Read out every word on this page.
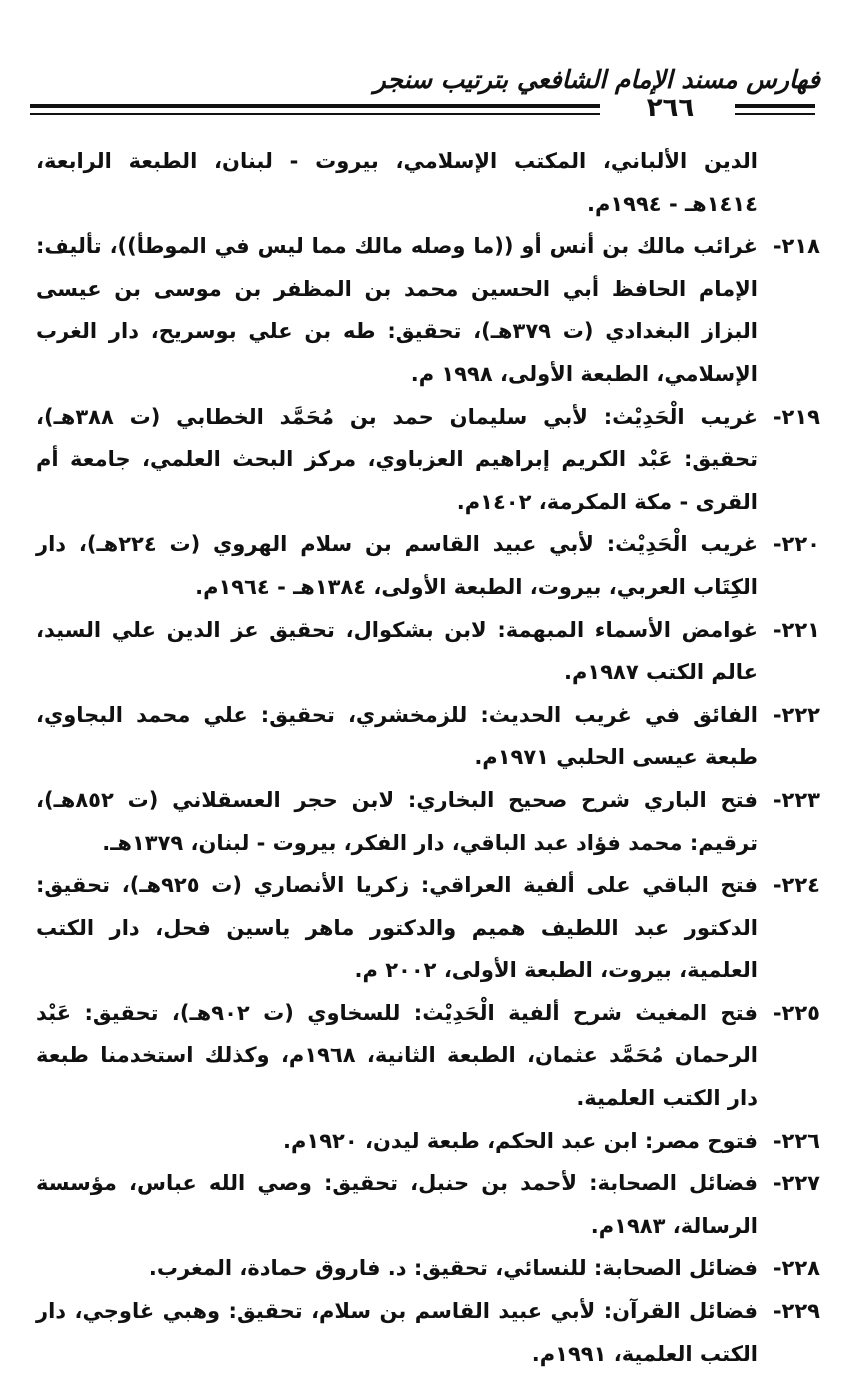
فهارس مسند الإمام الشافعي بترتيب سنجر
٢٦٦

الدين الألباني، المكتب الإسلامي، بيروت - لبنان، الطبعة الرابعة، ١٤١٤هـ - ١٩٩٤م.

٢١٨-غرائب مالك بن أنس أو ((ما وصله مالك مما ليس في الموطأ))، تأليف: الإمام الحافظ أبي الحسين محمد بن المظفر بن موسى بن عيسى البزاز البغدادي (ت ٣٧٩هـ)، تحقيق: طه بن علي بوسريح، دار الغرب الإسلامي، الطبعة الأولى، ١٩٩٨ م.

٢١٩-غريب الْحَدِيْث: لأبي سليمان حمد بن مُحَمَّد الخطابي (ت ٣٨٨هـ)، تحقيق: عَبْد الكريم إبراهيم العزباوي، مركز البحث العلمي، جامعة أم القرى - مكة المكرمة، ١٤٠٢م.

٢٢٠-غريب الْحَدِيْث: لأبي عبيد القاسم بن سلام الهروي (ت ٢٢٤هـ)، دار الكِتَاب العربي، بيروت، الطبعة الأولى، ١٣٨٤هـ - ١٩٦٤م.

٢٢١-غوامض الأسماء المبهمة: لابن بشكوال، تحقيق عز الدين علي السيد، عالم الكتب ١٩٨٧م.

٢٢٢-الفائق في غريب الحديث: للزمخشري، تحقيق: علي محمد البجاوي، طبعة عيسى الحلبي ١٩٧١م.

٢٢٣-فتح الباري شرح صحيح البخاري: لابن حجر العسقلاني (ت ٨٥٢هـ)، ترقيم: محمد فؤاد عبد الباقي، دار الفكر، بيروت - لبنان، ١٣٧٩هـ.

٢٢٤-فتح الباقي على ألفية العراقي: زكريا الأنصاري (ت ٩٢٥هـ)، تحقيق: الدكتور عبد اللطيف هميم والدكتور ماهر ياسين فحل، دار الكتب العلمية، بيروت، الطبعة الأولى، ٢٠٠٢ م.

٢٢٥-فتح المغيث شرح ألفية الْحَدِيْث: للسخاوي (ت ٩٠٢هـ)، تحقيق: عَبْد الرحمان مُحَمَّد عثمان، الطبعة الثانية، ١٩٦٨م، وكذلك استخدمنا طبعة دار الكتب العلمية.

٢٢٦-فتوح مصر: ابن عبد الحكم، طبعة ليدن، ١٩٢٠م.

٢٢٧-فضائل الصحابة: لأحمد بن حنبل، تحقيق: وصي الله عباس، مؤسسة الرسالة، ١٩٨٣م.

٢٢٨-فضائل الصحابة: للنسائي، تحقيق: د. فاروق حمادة، المغرب.

٢٢٩-فضائل القرآن: لأبي عبيد القاسم بن سلام، تحقيق: وهبي غاوجي، دار الكتب العلمية، ١٩٩١م.
